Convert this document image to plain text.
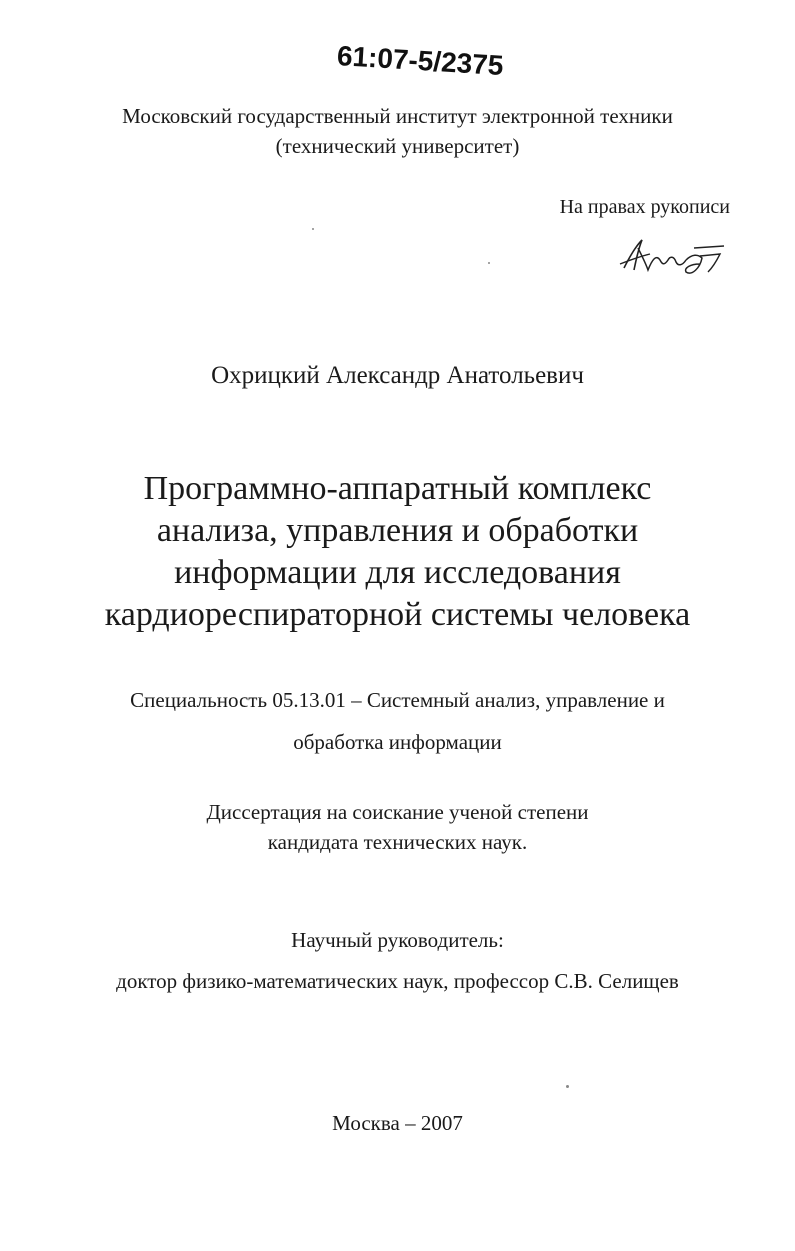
61:07-5/2375
Московский государственный институт электронной техники
(технический университет)
На правах рукописи
Охрицкий Александр Анатольевич
Программно-аппаратный комплекс
анализа, управления и обработки
информации для исследования
кардиореспираторной системы человека
Специальность 05.13.01 – Системный анализ, управление и
обработка информации
Диссертация на соискание ученой степени
кандидата технических наук.
Научный руководитель:
доктор физико-математических наук, профессор С.В. Селищев
Москва – 2007
